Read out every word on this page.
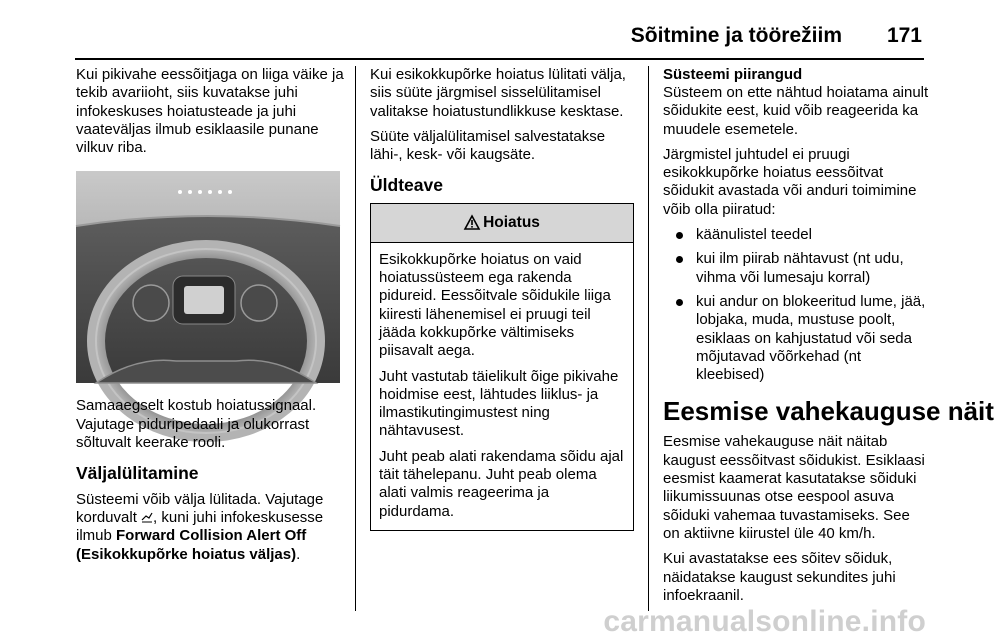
Sõitmine ja töörežiim 171

Kui pikivahe eessõitjaga on liiga väike ja tekib avariioht, siis kuvatakse juhi infokeskuses hoiatusteade ja juhi vaateväljas ilmub esiklaasile punane vilkuv riba.

Samaaegselt kostub hoiatussignaal. Vajutage piduripedaali ja olukorrast sõltuvalt keerake rooli.

Väljalülitamine

Süsteemi võib välja lülitada. Vajutage korduvalt , kuni juhi infokeskusesse ilmub Forward Collision Alert Off (Esikokkupõrke hoiatus väljas).

Kui esikokkupõrke hoiatus lülitati välja, siis süüte järgmisel sisselülitamisel valitakse hoiatustundlikkuse kesktase.

Süüte väljalülitamisel salvestatakse lähi-, kesk- või kaugsäte.

Üldteave
Hoiatus

Esikokkupõrke hoiatus on vaid hoiatussüsteem ega rakenda pidureid. Eessõitvale sõidukile liiga kiiresti lähenemisel ei pruugi teil jääda kokkupõrke vältimiseks piisavalt aega.

Juht vastutab täielikult õige pikivahe hoidmise eest, lähtudes liiklus- ja ilmastikutingimustest ning nähtavusest.

Juht peab alati rakendama sõidu ajal täit tähelepanu. Juht peab olema alati valmis reageerima ja pidurdama.

Süsteemi piirangud

Süsteem on ette nähtud hoiatama ainult sõidukite eest, kuid võib reageerida ka muudele esemetele.

Järgmistel juhtudel ei pruugi esikokkupõrke hoiatus eessõitvat sõidukit avastada või anduri toimimine võib olla piiratud:

käänulistel teedel
kui ilm piirab nähtavust (nt udu, vihma või lumesaju korral)
kui andur on blokeeritud lume, jää, lobjaka, muda, mustuse poolt, esiklaas on kahjustatud või seda mõjutavad võõrkehad (nt kleebised)
Eesmise vahekauguse näit

Eesmise vahekauguse näit näitab kaugust eessõitvast sõidukist. Esiklaasi eesmist kaamerat kasutatakse sõiduki liikumissuunas otse eespool asuva sõiduki vahemaa tuvastamiseks. See on aktiivne kiirustel üle 40 km/h.

Kui avastatakse ees sõitev sõiduk, näidatakse kaugust sekundites juhi infoekraanil.

carmanualsonline.info
